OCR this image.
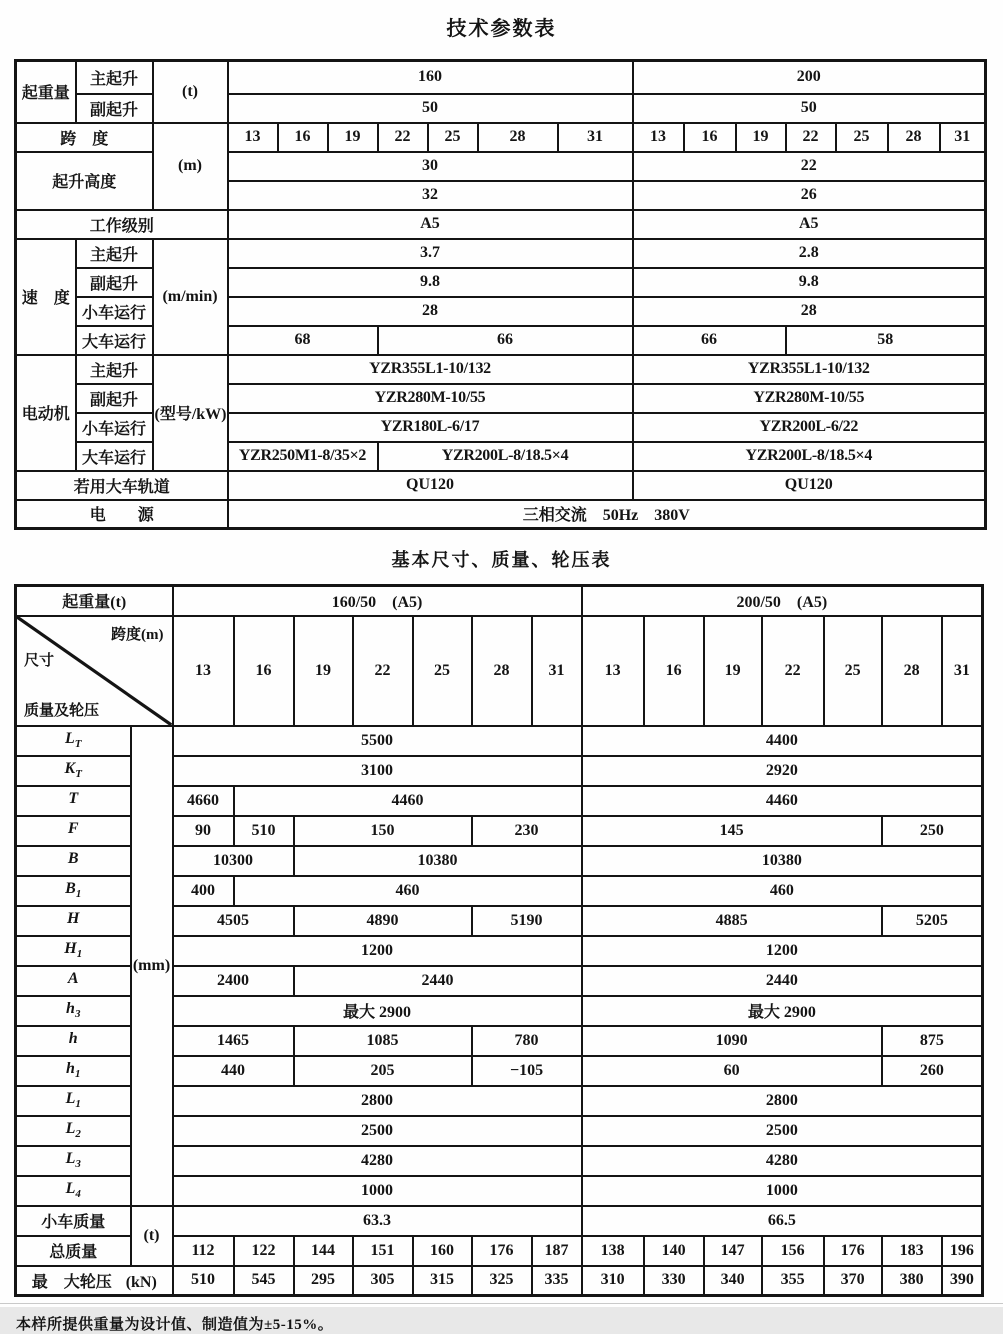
技术参数表
起重量	主起升	(t)	160							200						
	副起升		50							50						
跨　度		(m)	13	16	19	22	25	28	31	13	16	19	22	25	28	31
起升高度			30							22						
			32							26						
工作级别			A5							A5						
速　度	主起升	(m/min)	3.7							2.8						
	副起升		9.8							9.8						
	小车运行		28							28						
	大车运行		68			66				66			58			
电动机	主起升	(型号/kW)	YZR355L1-10/132							YZR355L1-10/132						
	副起升		YZR280M-10/55							YZR280M-10/55						
	小车运行		YZR180L-6/17							YZR200L-6/22						
	大车运行		YZR250M1-8/35×2			YZR200L-8/18.5×4				YZR200L-8/18.5×4						
若用大车轨道			QU120							QU120						
电　　源			三相交流　50Hz　380V													
基本尺寸、质量、轮压表
起重量(t)		160/50　(A5)							200/50　(A5)						

跨度(m)

尺寸

质量及轮压		13	16	19	22	25	28	31	13	16	19	22	25	28	31
$L_T$	(mm)	5500							4400						
$K_T$		3100							2920						
T		4660	4460						4460						
F		90	510	150			230		145					250	
B		10300		10380					10380						
$B_1$		400	460						460						
H		4505		4890			5190		4885					5205	
$H_1$		1200							1200						
A		2400		2440					2440						
$h_3$		最大 2900							最大 2900						
h		1465		1085			780		1090					875	
$h_1$		440		205			−105		60					260	
$L_1$		2800							2800						
$L_2$		2500							2500						
$L_3$		4280							4280						
$L_4$		1000							1000						
小车质量	(t)	63.3							66.5						
总质量		112	122	144	151	160	176	187	138	140	147	156	176	183	196
最　大轮压 (kN)		510	545	295	305	315	325	335	310	330	340	355	370	380	390
本样所提供重量为设计值、制造值为±5-15%。
